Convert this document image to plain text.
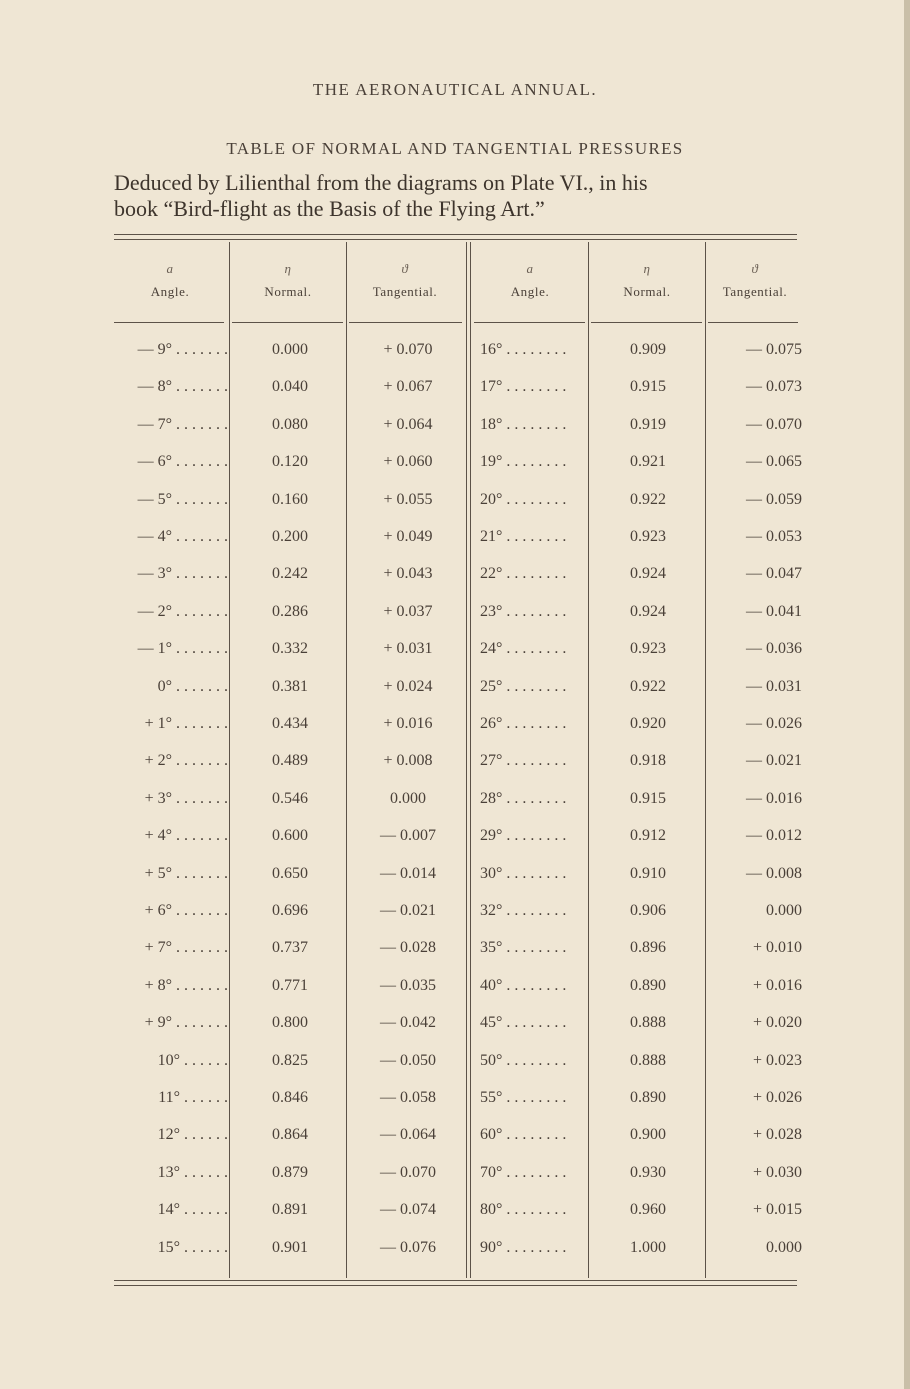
THE AERONAUTICAL ANNUAL.
TABLE OF NORMAL AND TANGENTIAL PRESSURES
Deduced by Lilienthal from the diagrams on Plate VI., in his
book “Bird-flight as the Basis of the Flying Art.”
a
Angle.
η
Normal.
ϑ
Tangential.
a
Angle.
η
Normal.
ϑ
Tangential.
— 9° . . . . . . .	0.000	+ 0.070	16° . . . . . . . .	0.909	— 0.075
— 8° . . . . . . .	0.040	+ 0.067	17° . . . . . . . .	0.915	— 0.073
— 7° . . . . . . .	0.080	+ 0.064	18° . . . . . . . .	0.919	— 0.070
— 6° . . . . . . .	0.120	+ 0.060	19° . . . . . . . .	0.921	— 0.065
— 5° . . . . . . .	0.160	+ 0.055	20° . . . . . . . .	0.922	— 0.059
— 4° . . . . . . .	0.200	+ 0.049	21° . . . . . . . .	0.923	— 0.053
— 3° . . . . . . .	0.242	+ 0.043	22° . . . . . . . .	0.924	— 0.047
— 2° . . . . . . .	0.286	+ 0.037	23° . . . . . . . .	0.924	— 0.041
— 1° . . . . . . .	0.332	+ 0.031	24° . . . . . . . .	0.923	— 0.036
0° . . . . . . .	0.381	+ 0.024	25° . . . . . . . .	0.922	— 0.031
+ 1° . . . . . . .	0.434	+ 0.016	26° . . . . . . . .	0.920	— 0.026
+ 2° . . . . . . .	0.489	+ 0.008	27° . . . . . . . .	0.918	— 0.021
+ 3° . . . . . . .	0.546	0.000	28° . . . . . . . .	0.915	— 0.016
+ 4° . . . . . . .	0.600	— 0.007	29° . . . . . . . .	0.912	— 0.012
+ 5° . . . . . . .	0.650	— 0.014	30° . . . . . . . .	0.910	— 0.008
+ 6° . . . . . . .	0.696	— 0.021	32° . . . . . . . .	0.906	0.000
+ 7° . . . . . . .	0.737	— 0.028	35° . . . . . . . .	0.896	+ 0.010
+ 8° . . . . . . .	0.771	— 0.035	40° . . . . . . . .	0.890	+ 0.016
+ 9° . . . . . . .	0.800	— 0.042	45° . . . . . . . .	0.888	+ 0.020
10° . . . . . .	0.825	— 0.050	50° . . . . . . . .	0.888	+ 0.023
11° . . . . . .	0.846	— 0.058	55° . . . . . . . .	0.890	+ 0.026
12° . . . . . .	0.864	— 0.064	60° . . . . . . . .	0.900	+ 0.028
13° . . . . . .	0.879	— 0.070	70° . . . . . . . .	0.930	+ 0.030
14° . . . . . .	0.891	— 0.074	80° . . . . . . . .	0.960	+ 0.015
15° . . . . . .	0.901	— 0.076	90° . . . . . . . .	1.000	0.000
